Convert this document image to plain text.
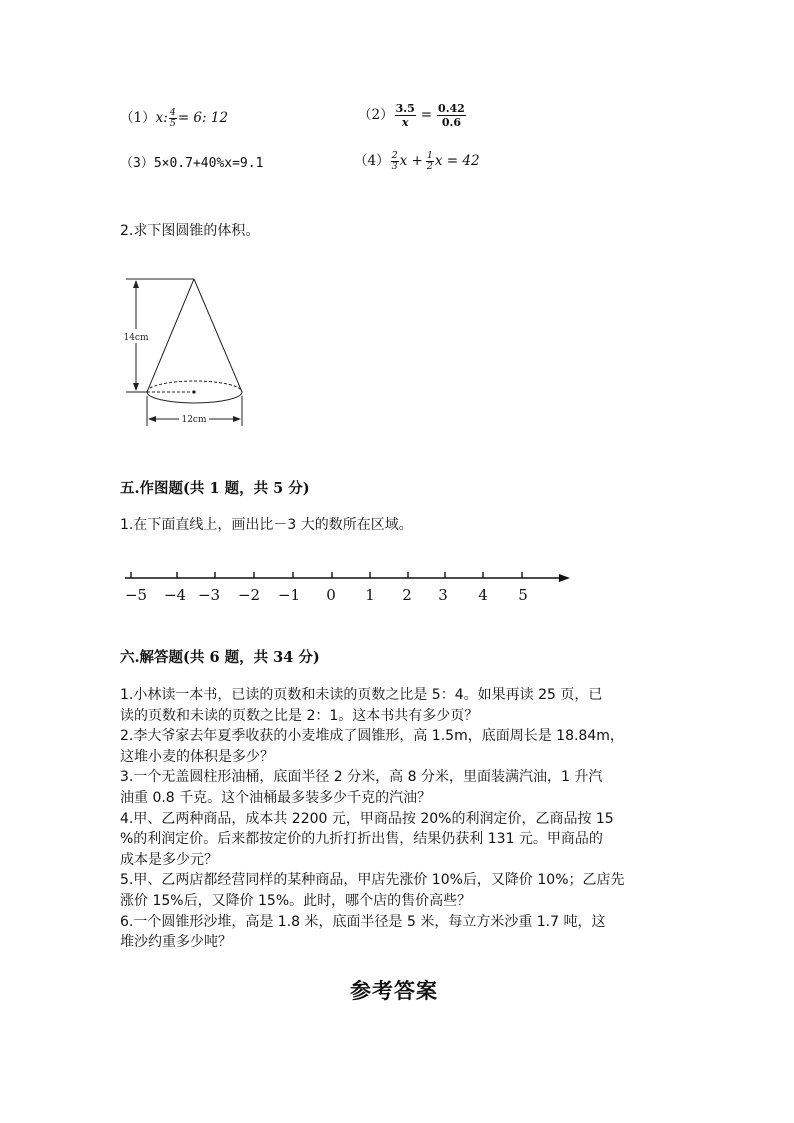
（1）x: $\frac{4}{5} = 6$: 12	$(2) \frac{3.5}{x} = \frac{0.42}{0.6}$
（3）5×0.7+40%x=9.1	$(4) \frac{2}{3}$ $x + \frac{1}{2}$ x = 42
2.求下图圆锥的体积。
14cm
12cm
五.作图题(共 1 题，共 5 分)
1.在下面直线上，画出比－3 大的数所在区域。
−5 −4 −3 −2 −1 0 1 2 3 4 5
六.解答题(共 6 题，共 34 分)
1.小林读一本书，已读的页数和未读的页数之比是 5：4。如果再读 25 页，已
读的页数和未读的页数之比是 2：1。这本书共有多少页？
2.李大爷家去年夏季收获的小麦堆成了圆锥形，高 1.5m，底面周长是 18.84m，
这堆小麦的体积是多少？
3.一个无盖圆柱形油桶，底面半径 2 分米，高 8 分米，里面装满汽油，1 升汽
油重 0.8 千克。这个油桶最多装多少千克的汽油？
4.甲、乙两种商品，成本共 2200 元，甲商品按 20%的利润定价，乙商品按 15
%的利润定价。后来都按定价的九折打折出售，结果仍获利 131 元。甲商品的
成本是多少元？
5.甲、乙两店都经营同样的某种商品，甲店先涨价 10%后，又降价 10%；乙店先
涨价 15%后，又降价 15%。此时，哪个店的售价高些？
6.一个圆锥形沙堆，高是 1.8 米，底面半径是 5 米，每立方米沙重 1.7 吨，这
堆沙约重多少吨？
参考答案
